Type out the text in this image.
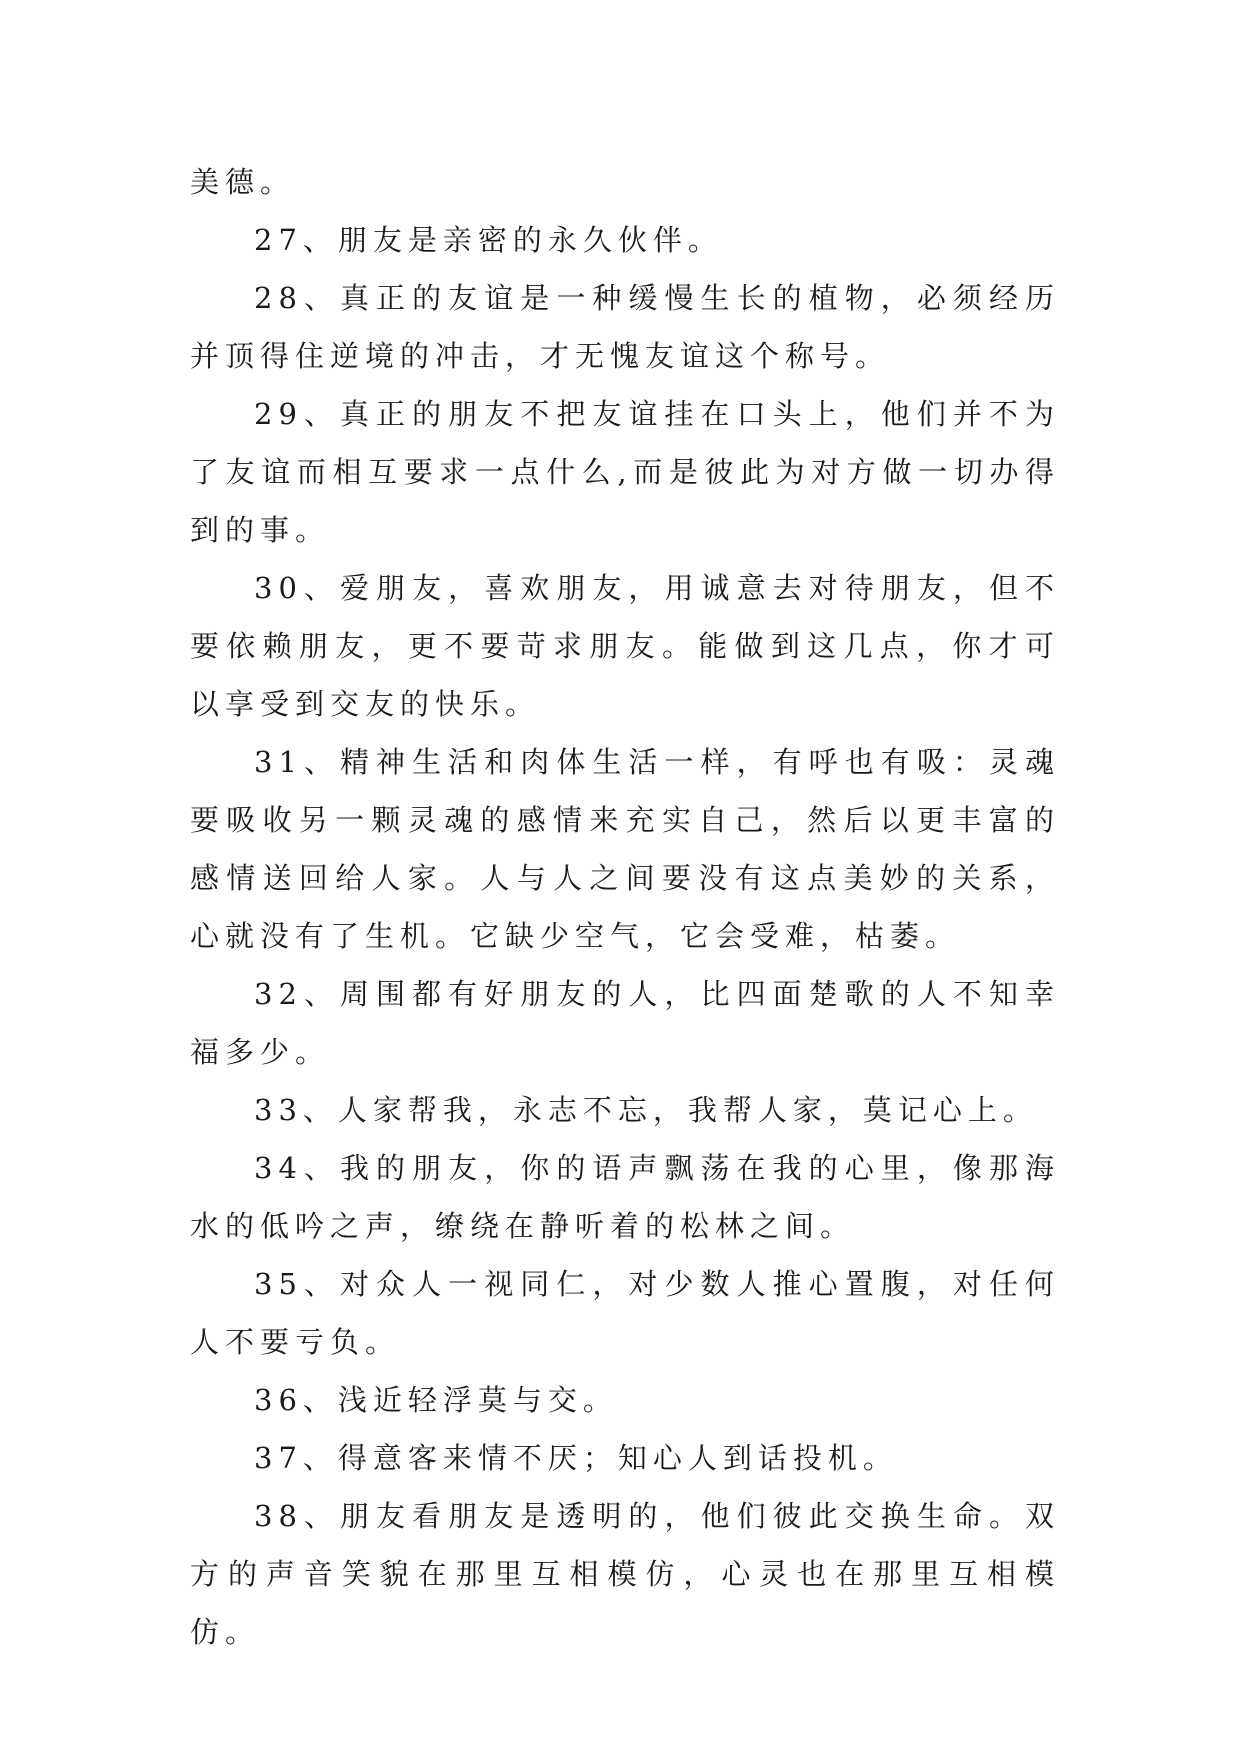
美德。

27、朋友是亲密的永久伙伴。

28、真正的友谊是一种缓慢生长的植物，必须经历并顶得住逆境的冲击，才无愧友谊这个称号。

29、真正的朋友不把友谊挂在口头上，他们并不为了友谊而相互要求一点什么,而是彼此为对方做一切办得到的事。

30、爱朋友，喜欢朋友，用诚意去对待朋友，但不要依赖朋友，更不要苛求朋友。能做到这几点，你才可以享受到交友的快乐。

31、精神生活和肉体生活一样，有呼也有吸：灵魂要吸收另一颗灵魂的感情来充实自己，然后以更丰富的感情送回给人家。人与人之间要没有这点美妙的关系，心就没有了生机。它缺少空气，它会受难，枯萎。

32、周围都有好朋友的人，比四面楚歌的人不知幸福多少。

33、人家帮我，永志不忘，我帮人家，莫记心上。

34、我的朋友，你的语声飘荡在我的心里，像那海水的低吟之声，缭绕在静听着的松林之间。

35、对众人一视同仁，对少数人推心置腹，对任何人不要亏负。

36、浅近轻浮莫与交。

37、得意客来情不厌；知心人到话投机。

38、朋友看朋友是透明的，他们彼此交换生命。双方的声音笑貌在那里互相模仿，心灵也在那里互相模仿。
